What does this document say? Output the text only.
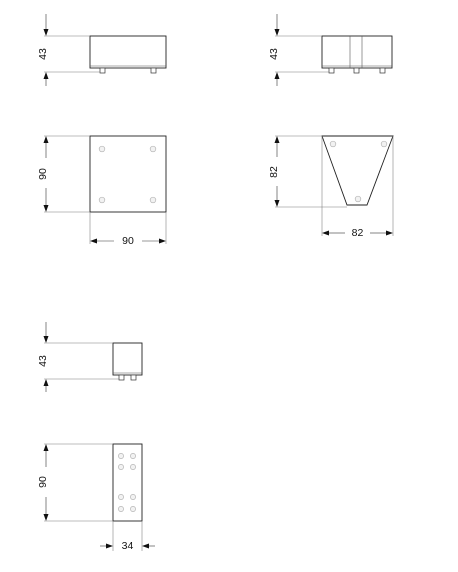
43	43
90
90
82
82
43
90
34
